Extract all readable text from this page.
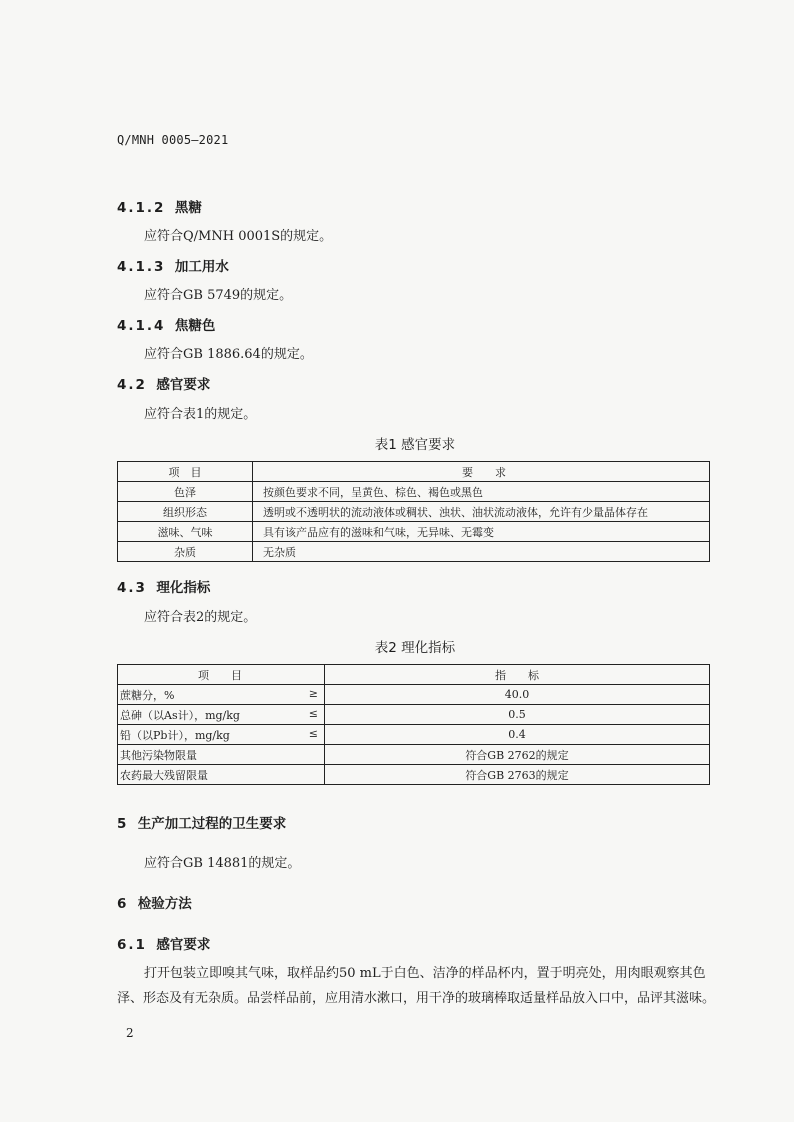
Q/MNH 0005—2021
4.1.2 黑糖
应符合Q/MNH 0001S的规定。
4.1.3 加工用水
应符合GB 5749的规定。
4.1.4 焦糖色
应符合GB 1886.64的规定。
4.2 感官要求
应符合表1的规定。
表1 感官要求
项　目	要　　求
色泽	按颜色要求不同，呈黄色、棕色、褐色或黑色
组织形态	透明或不透明状的流动液体或稠状、浊状、油状流动液体，允许有少量晶体存在
滋味、气味	具有该产品应有的滋味和气味，无异味、无霉变
杂质	无杂质
4.3 理化指标
应符合表2的规定。
表2 理化指标
项　　目	指　　标
蔗糖分，% ≥	40.0
总砷（以As计），mg/kg ≤	0.5
铅（以Pb计），mg/kg ≤	0.4
其他污染物限量	符合GB 2762的规定
农药最大残留限量	符合GB 2763的规定
5 生产加工过程的卫生要求
应符合GB 14881的规定。
6 检验方法
6.1 感官要求
打开包装立即嗅其气味，取样品约50 mL于白色、洁净的样品杯内，置于明亮处，用肉眼观察其色
泽、形态及有无杂质。品尝样品前，应用清水漱口，用干净的玻璃棒取适量样品放入口中，品评其滋味。
2
